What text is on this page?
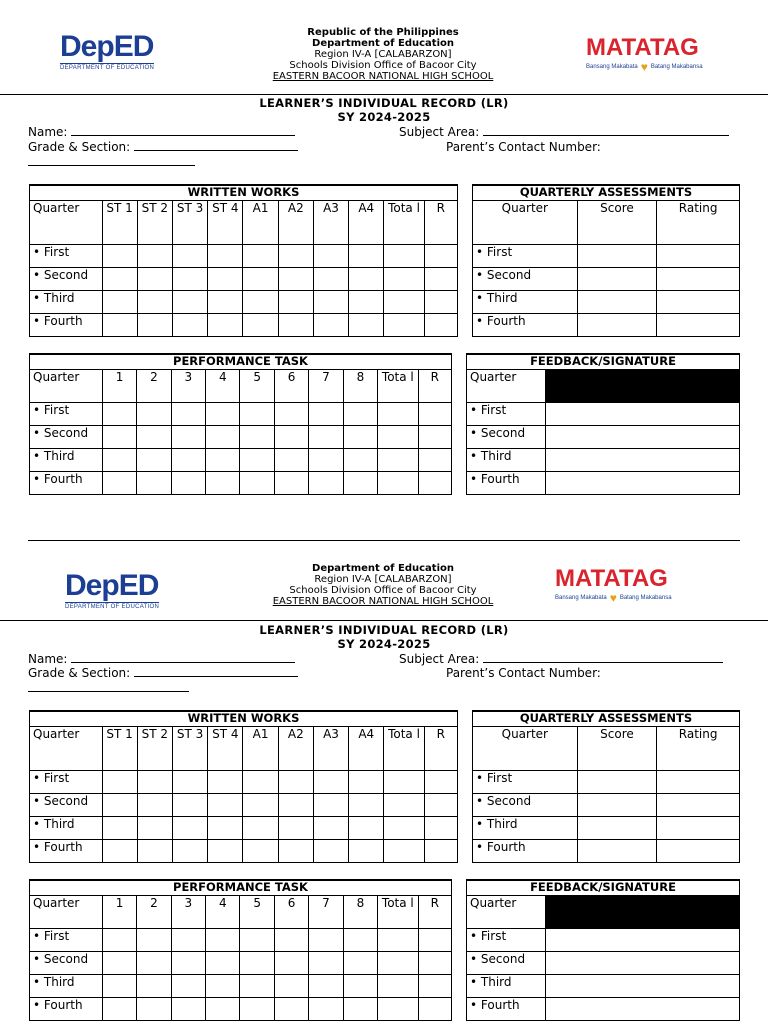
DepED
DEPARTMENT OF EDUCATION
Republic of the Philippines
Department of Education
Region IV-A [CALABARZON]
Schools Division Office of Bacoor City
EASTERN BACOOR NATIONAL HIGH SCHOOL
MATATAG
Bansang Makabata ♥ Batang Makabansa
LEARNER’S INDIVIDUAL RECORD (LR)
SY 2024-2025
Name:	Subject Area:
Grade & Section:	Parent’s Contact Number:
WRITTEN WORKS										
Quarter	ST 1	ST 2	ST 3	ST 4	A1	A2	A3	A4	Tota l	R
• First										
• Second										
• Third										
• Fourth										
QUARTERLY ASSESSMENTS		
Quarter	Score	Rating
• First		
• Second		
• Third		
• Fourth		
PERFORMANCE TASK										
Quarter	1	2	3	4	5	6	7	8	Tota l	R
• First										
• Second										
• Third										
• Fourth										
FEEDBACK/SIGNATURE	
Quarter	
• First	
• Second	
• Third	
• Fourth	
DepED
DEPARTMENT OF EDUCATION
Department of Education
Region IV-A [CALABARZON]
Schools Division Office of Bacoor City
EASTERN BACOOR NATIONAL HIGH SCHOOL
MATATAG
Bansang Makabata ♥ Batang Makabansa
LEARNER’S INDIVIDUAL RECORD (LR)
SY 2024-2025
Name:	Subject Area:
Grade & Section:	Parent’s Contact Number:
WRITTEN WORKS										
Quarter	ST 1	ST 2	ST 3	ST 4	A1	A2	A3	A4	Tota l	R
• First										
• Second										
• Third										
• Fourth										
QUARTERLY ASSESSMENTS		
Quarter	Score	Rating
• First		
• Second		
• Third		
• Fourth		
PERFORMANCE TASK										
Quarter	1	2	3	4	5	6	7	8	Tota l	R
• First										
• Second										
• Third										
• Fourth										
FEEDBACK/SIGNATURE	
Quarter	
• First	
• Second	
• Third	
• Fourth	
